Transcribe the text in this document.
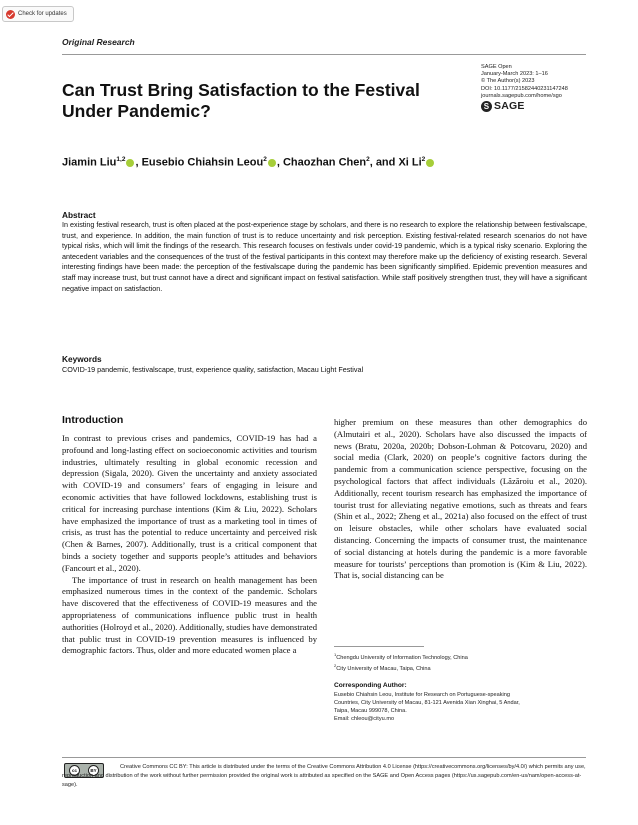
Check for updates
Original Research
Can Trust Bring Satisfaction to the Festival Under Pandemic?
SAGE Open
January-March 2023: 1–16
© The Author(s) 2023
DOI: 10.1177/21582440231147248
journals.sagepub.com/home/sgo
S SAGE
Jiamin Liu$^{1,2}$ , Eusebio Chiahsin Leou$^2$ , Chaozhan Chen$^2$, and Xi Li$^2$
Abstract
In existing festival research, trust is often placed at the post-experience stage by scholars, and there is no research to explore the relationship between festivalscape, trust, and experience. In addition, the main function of trust is to reduce uncertainty and risk perception. Existing festival-related research scenarios do not have typical risks, which will limit the findings of the research. This research focuses on festivals under covid-19 pandemic, which is a typical risky scenario. Exploring the antecedent variables and the consequences of the trust of the festival participants in this context may therefore make up the deficiency of existing research. Several interesting findings have been made: the perception of the festivalscape during the pandemic has been significantly simplified. Epidemic prevention measures and staff may increase trust, but trust cannot have a direct and significant impact on festival satisfaction. While staff positively strengthen trust, they will have a significant negative impact on satisfaction.
Keywords
COVID-19 pandemic, festivalscape, trust, experience quality, satisfaction, Macau Light Festival
Introduction

In contrast to previous crises and pandemics, COVID-19 has had a profound and long-lasting effect on socioeconomic activities and tourism industries, ultimately resulting in global economic recession and depression (Sigala, 2020). Given the uncertainty and anxiety associated with COVID-19 and consumers’ fears of engaging in leisure and economic activities that have followed lockdowns, establishing trust is critical for increasing purchase intentions (Kim & Liu, 2022). Scholars have emphasized the importance of trust as a marketing tool in times of crisis, as trust has the potential to reduce uncertainty and perceived risk (Chen & Barnes, 2007). Additionally, trust is a critical component that binds a society together and supports people’s attitudes and behaviors (Fancourt et al., 2020).

The importance of trust in research on health management has been emphasized numerous times in the context of the pandemic. Scholars have discovered that the effectiveness of COVID-19 measures and the appropriateness of communications influence public trust in health authorities (Holroyd et al., 2020). Additionally, studies have demonstrated that public trust in COVID-19 prevention measures is influenced by demographic factors. Thus, older and more educated women place a

higher premium on these measures than other demographics do (Almutairi et al., 2020). Scholars have also discussed the impacts of news (Bratu, 2020a, 2020b; Dobson-Lohman & Potcovaru, 2020) and social media (Clark, 2020) on people’s cognitive factors during the pandemic from a communication science perspective, focusing on the psychological factors that affect individuals (Lăzăroiu et al., 2020). Additionally, recent tourism research has emphasized the importance of tourist trust for alleviating negative emotions, such as threats and fears (Shin et al., 2022; Zheng et al., 2021a) also focused on the effect of trust on leisure obstacles, while other scholars have evaluated social distancing. Concerning the impacts of consumer trust, the maintenance of social distancing at hotels during the pandemic is a more favorable measure for tourists’ perceptions than promotion is (Kim & Liu, 2022). That is, social distancing can be

$^1$Chengdu University of Information Technology, China
$^2$City University of Macau, Taipa, China
Corresponding Author:
Eusebio Chiahsin Leou, Institute for Research on Portuguese-speaking
Countries, City University of Macau, 81-121 Avenida Xian Xinghai, 5 Andar,
Taipa, Macau 999078, China.
Email: chleou@cityu.mo
cc	BY
Creative Commons CC BY: This article is distributed under the terms of the Creative Commons Attribution 4.0 License (https://creativecommons.org/licenses/by/4.0/) which permits any use, reproduction and distribution of the work without further permission provided the original work is attributed as specified on the SAGE and Open Access pages (https://us.sagepub.com/en-us/nam/open-access-at-sage).
